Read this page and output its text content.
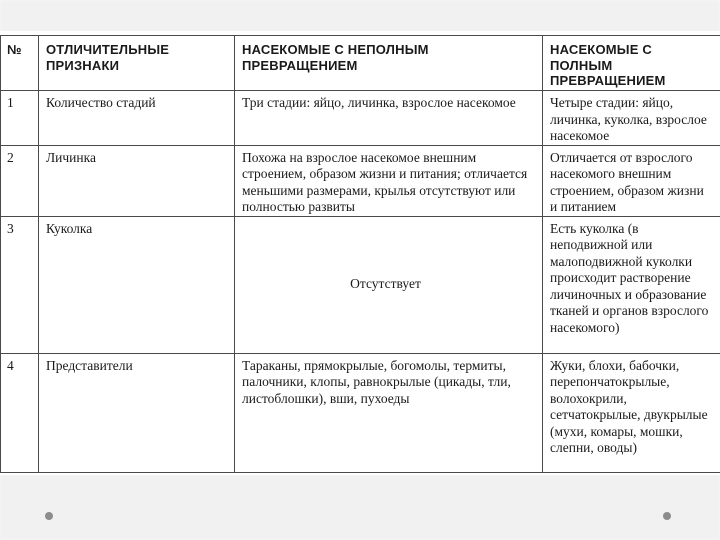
№	ОТЛИЧИТЕЛЬНЫЕ ПРИЗНАКИ	НАСЕКОМЫЕ С НЕПОЛНЫМ ПРЕВРАЩЕНИЕМ	НАСЕКОМЫЕ С ПОЛНЫМ ПРЕВРАЩЕНИЕМ
1	Количество стадий	Три стадии: яйцо, личинка, взрослое насекомое	Четыре стадии: яйцо, личинка, куколка, взрослое насекомое
2	Личинка	Похожа на взрослое насекомое внешним строением, образом жизни и питания; отличается меньшими размерами, крылья отсутствуют или полностью развиты	Отличается от взрослого насекомого внешним строением, образом жизни и питанием
3	Куколка	Отсутствует	Есть куколка (в неподвижной или малоподвижной куколки происходит растворение личиночных и образование тканей и органов взрослого насекомого)
4	Представители	Тараканы, прямокрылые, богомолы, термиты, палочники, клопы, равнокрылые (цикады, тли, листоблошки), вши, пухоеды	Жуки, блохи, бабочки, перепончатокрылые, волохокрили, сетчатокрылые, двукрылые (мухи, комары, мошки, слепни, оводы)
